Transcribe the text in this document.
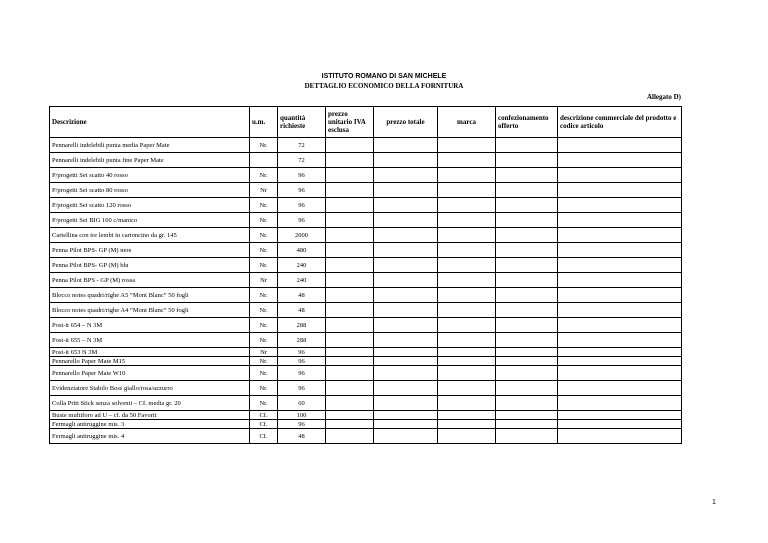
ISTITUTO ROMANO DI SAN MICHELE
DETTAGLIO ECONOMICO DELLA FORNITURA
Allegato D)
Descrizione	u.m.	quantità richieste	prezzo unitario IVA esclusa	prezzo totale	marca	confezionamento offerto	descrizione commerciale del prodotto e codice articolo
Pennarelli indelebili punta media Paper Mate	Nr.	72					
Pennarelli indelebili punta fine Paper Mate		72					
P/progetti Sei scatto 40 rosso	Nr.	96					
P/progetti Sei scatto 80 rosso	Nr	96					
P/progetti Sei scatto 120 rosso	Nr.	96					
P/progetti Sei BIG 160 c/manico	Nr.	96					
Cartellina con tre lembi in cartoncino da gr. 145	Nr.	2000					
Penna Pilot BPS- GP (M) nere	Nr.	480					
Penna Pilot BPS- GP (M) blu	Nr.	240					
Penna Pilot BPS - GP (M) rossa	Nr	240					
Blocco notes quadri/righe A5 “Mont Blanc” 50 fogli	Nr.	48					
Blocco notes quadri/righe A4 “Mont Blanc” 50 fogli	Nr.	48					
Post-it 654 – N 3M	Nr.	288					
Post-it 655 – N 3M	Nr.	288					
Post-it 653 N 3M	Nr	96					
Pennarello Paper Mate M15	Nr.	96					
Pennarello Paper Mate W10	Nr.	96					
Evidenziatore Stabilo Boss giallo/rosa/azzurro	Nr.	96					
Colla Pritt Stick senza solventi – Cf. media gr. 20	Nr.	60					
Buste multiforo ad U – cf. da 50 Favorit	Cf.	100					
Fermagli antiruggine mis. 3	Cf.	96					
Fermagli antiruggine mis. 4	Cf.	48					
1
